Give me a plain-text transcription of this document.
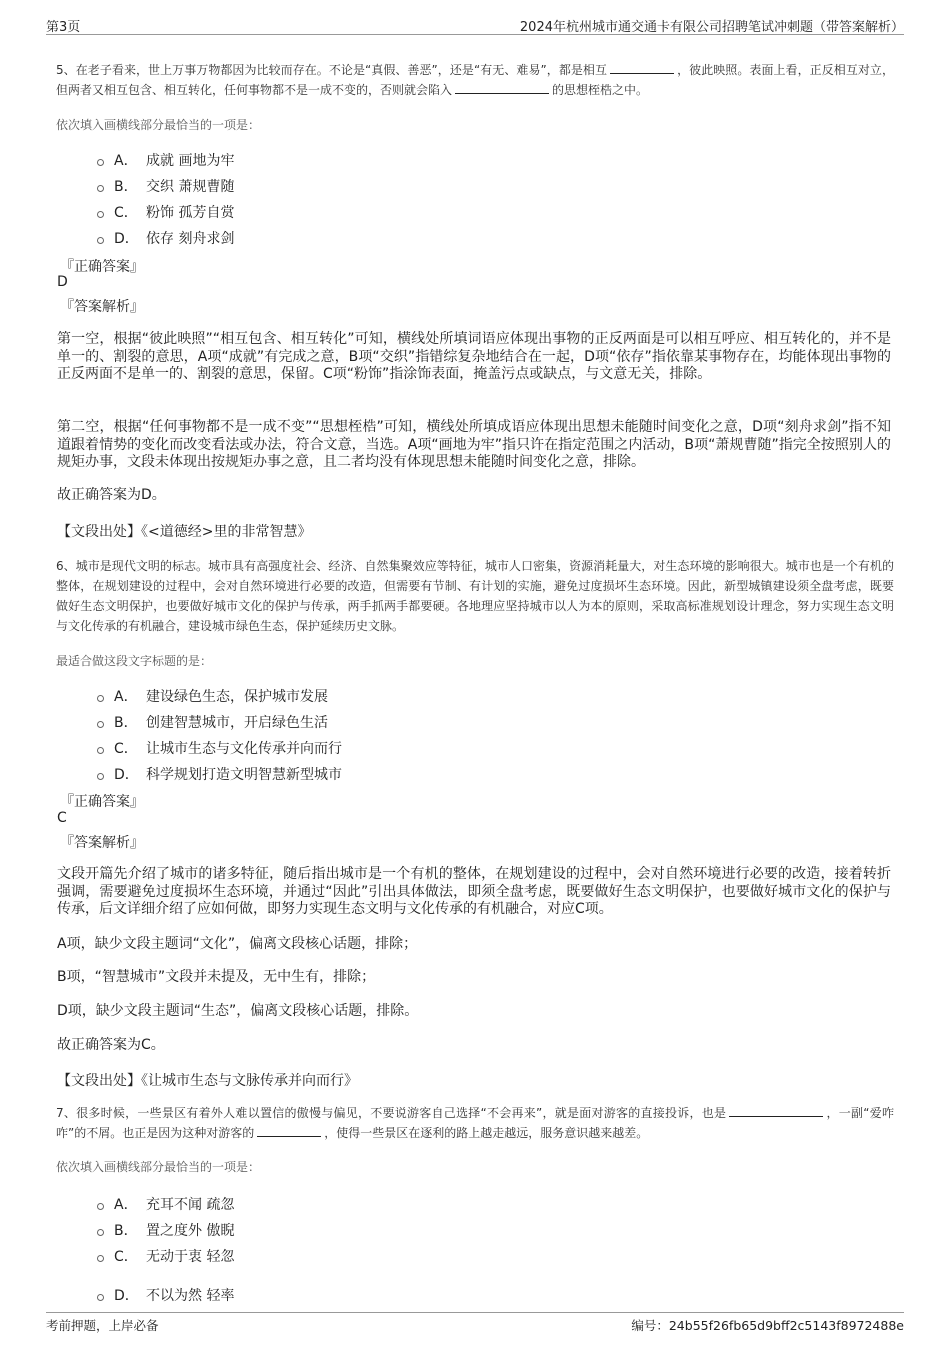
第3页	2024年杭州城市通交通卡有限公司招聘笔试冲刺题（带答案解析）
5、在老子看来，世上万事万物都因为比较而存在。不论是“真假、善恶”，还是“有无、难易”，都是相互	，彼此映照。表面上看，正反相互对立，但两者又相互包含、相互转化，任何事物都不是一成不变的，否则就会陷入	的思想桎梏之中。
依次填入画横线部分最恰当的一项是：
A． 成就 画地为牢
B． 交织 萧规曹随
C． 粉饰 孤芳自赏
D． 依存 刻舟求剑
『正确答案』
D
『答案解析』
第一空，根据“彼此映照”“相互包含、相互转化”可知，横线处所填词语应体现出事物的正反两面是可以相互呼应、相互转化的，并不是单一的、割裂的意思，A项“成就”有完成之意，B项“交织”指错综复杂地结合在一起，D项“依存”指依靠某事物存在，均能体现出事物的正反两面不是单一的、割裂的意思，保留。C项“粉饰”指涂饰表面，掩盖污点或缺点，与文意无关，排除。
第二空，根据“任何事物都不是一成不变”“思想桎梏”可知，横线处所填成语应体现出思想未能随时间变化之意，D项“刻舟求剑”指不知道跟着情势的变化而改变看法或办法，符合文意，当选。A项“画地为牢”指只许在指定范围之内活动，B项“萧规曹随”指完全按照别人的规矩办事，文段未体现出按规矩办事之意，且二者均没有体现思想未能随时间变化之意，排除。
故正确答案为D。
【文段出处】《<道德经>里的非常智慧》
6、城市是现代文明的标志。城市具有高强度社会、经济、自然集聚效应等特征，城市人口密集，资源消耗量大，对生态环境的影响很大。城市也是一个有机的整体，在规划建设的过程中，会对自然环境进行必要的改造，但需要有节制、有计划的实施，避免过度损坏生态环境。因此，新型城镇建设须全盘考虑，既要做好生态文明保护，也要做好城市文化的保护与传承，两手抓两手都要硬。各地理应坚持城市以人为本的原则，采取高标准规划设计理念，努力实现生态文明与文化传承的有机融合，建设城市绿色生态，保护延续历史文脉。
最适合做这段文字标题的是：
A． 建设绿色生态，保护城市发展
B． 创建智慧城市，开启绿色生活
C． 让城市生态与文化传承并向而行
D． 科学规划打造文明智慧新型城市
『正确答案』
C
『答案解析』
文段开篇先介绍了城市的诸多特征，随后指出城市是一个有机的整体，在规划建设的过程中，会对自然环境进行必要的改造，接着转折强调，需要避免过度损坏生态环境，并通过“因此”引出具体做法，即须全盘考虑，既要做好生态文明保护，也要做好城市文化的保护与传承，后文详细介绍了应如何做，即努力实现生态文明与文化传承的有机融合，对应C项。
A项，缺少文段主题词“文化”，偏离文段核心话题，排除；
B项，“智慧城市”文段并未提及，无中生有，排除；
D项，缺少文段主题词“生态”，偏离文段核心话题，排除。
故正确答案为C。
【文段出处】《让城市生态与文脉传承并向而行》
7、很多时候，一些景区有着外人难以置信的傲慢与偏见，不要说游客自己选择“不会再来”，就是面对游客的直接投诉，也是	，一副“爱咋咋”的不屑。也正是因为这种对游客的	，使得一些景区在逐利的路上越走越远，服务意识越来越差。
依次填入画横线部分最恰当的一项是：
A． 充耳不闻 疏忽
B． 置之度外 傲睨
C． 无动于衷 轻忽
D． 不以为然 轻率
考前押题，上岸必备	编号：24b55f26fb65d9bff2c5143f8972488e
